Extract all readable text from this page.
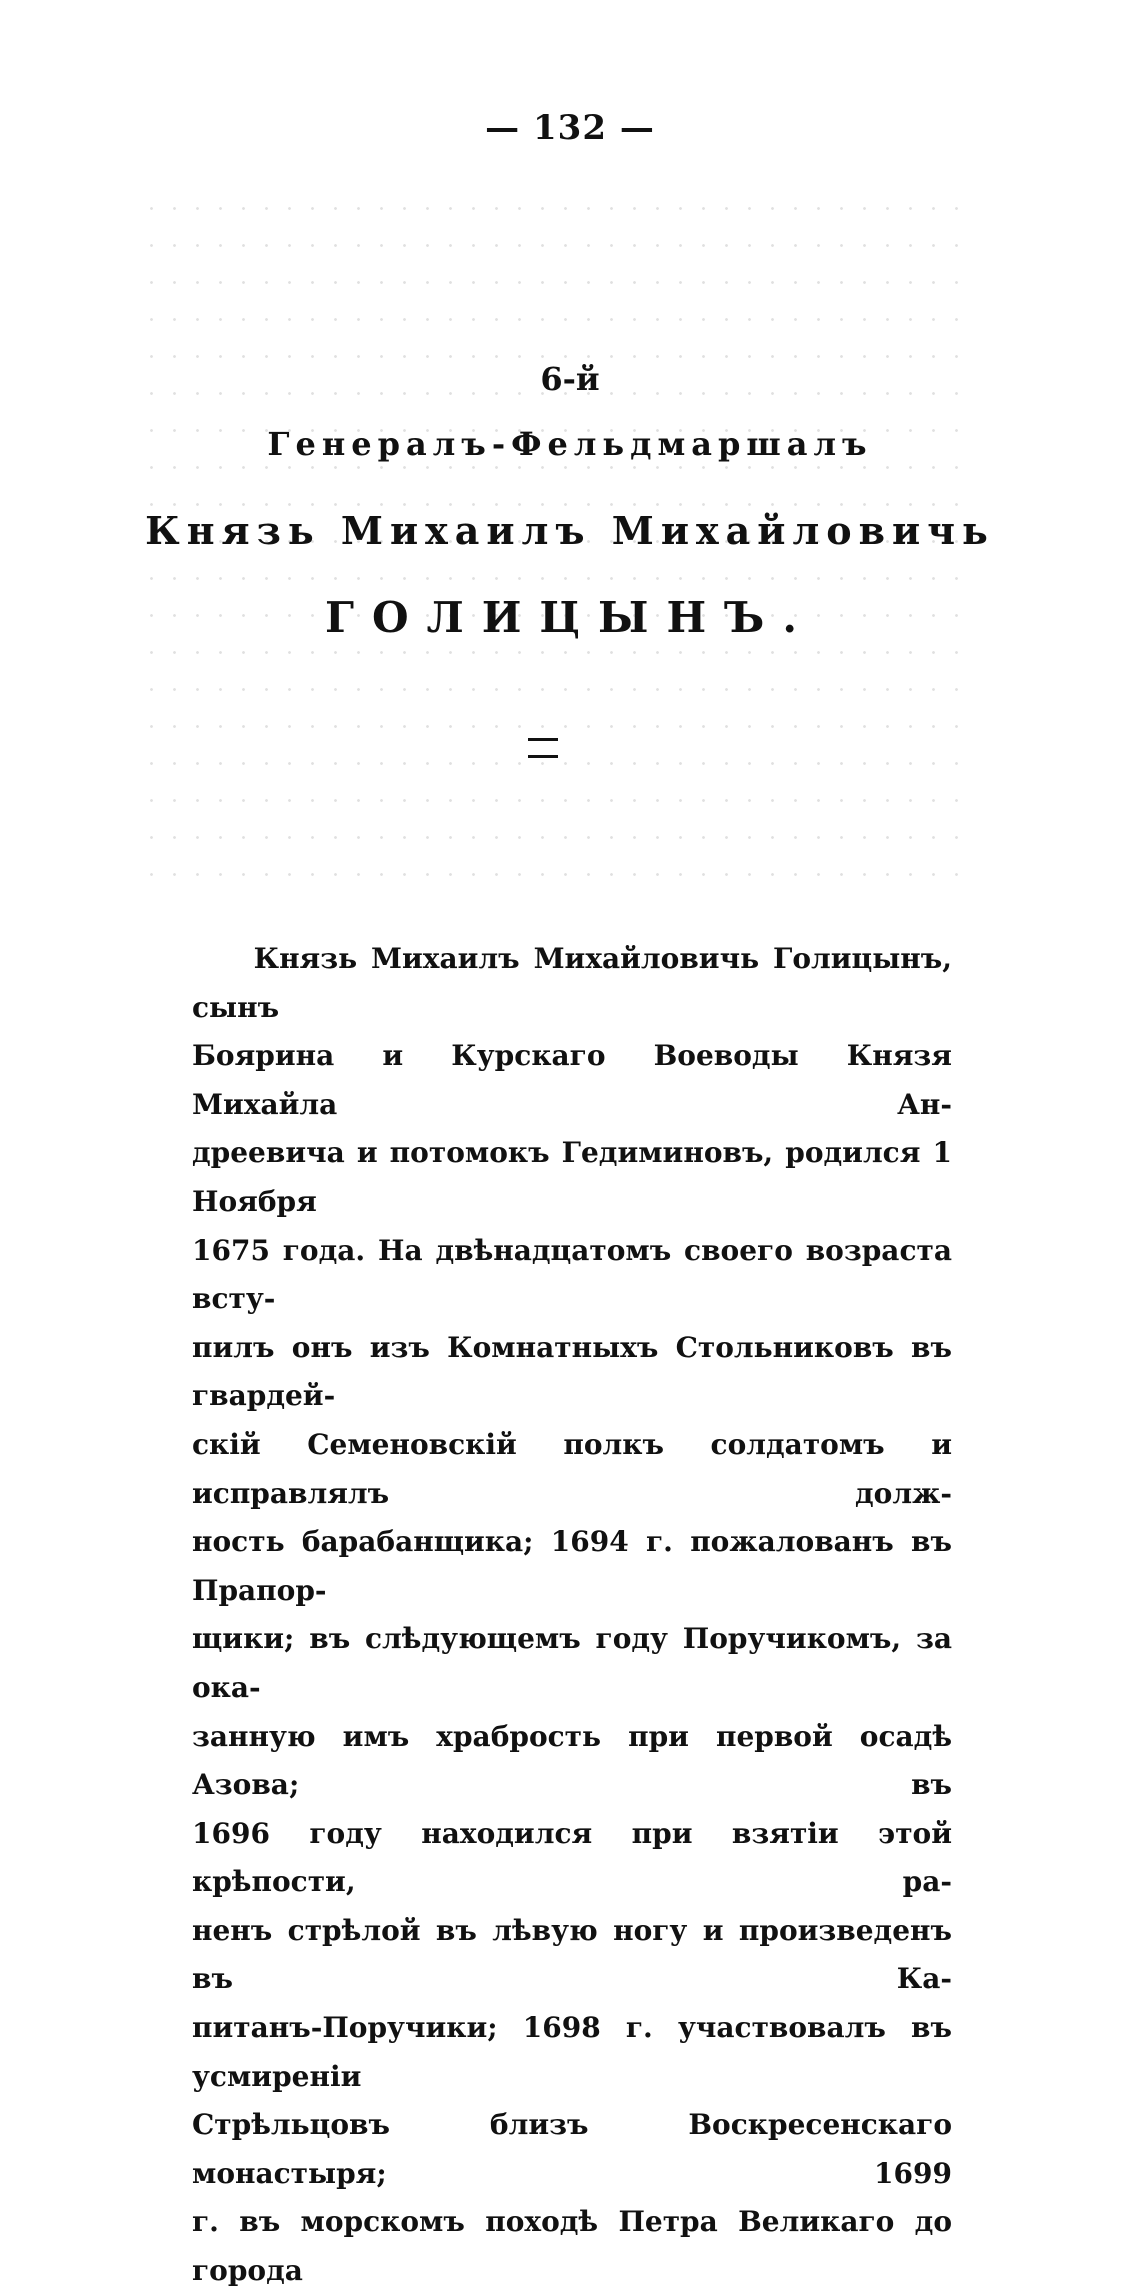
— 132 —
6-й
Генералъ-Фельдмаршалъ
Князь Михаилъ Михайловичь
ГОЛИЦЫНЪ.

Князь Михаилъ Михайловичь Голицынъ, сынъ

Боярина и Курскаго Воеводы Князя Михайла Ан-

дреевича и потомокъ Гедиминовъ, родился 1 Ноября

1675 года. На двѣнадцатомъ своего возраста всту-

пилъ онъ изъ Комнатныхъ Стольниковъ въ гвардей-

скій Семеновскій полкъ солдатомъ и исправлялъ долж-

ность барабанщика; 1694 г. пожалованъ въ Прапор-

щики; въ слѣдующемъ году Поручикомъ, за ока-

занную имъ храбрость при первой осадѣ Азова; въ

1696 году находился при взятіи этой крѣпости, ра-

ненъ стрѣлой въ лѣвую ногу и произведенъ въ Ка-

питанъ-Поручики; 1698 г. участвовалъ въ усмиреніи

Стрѣльцовъ близъ Воскресенскаго монастыря; 1699

г. въ морскомъ походѣ Петра Великаго до города
